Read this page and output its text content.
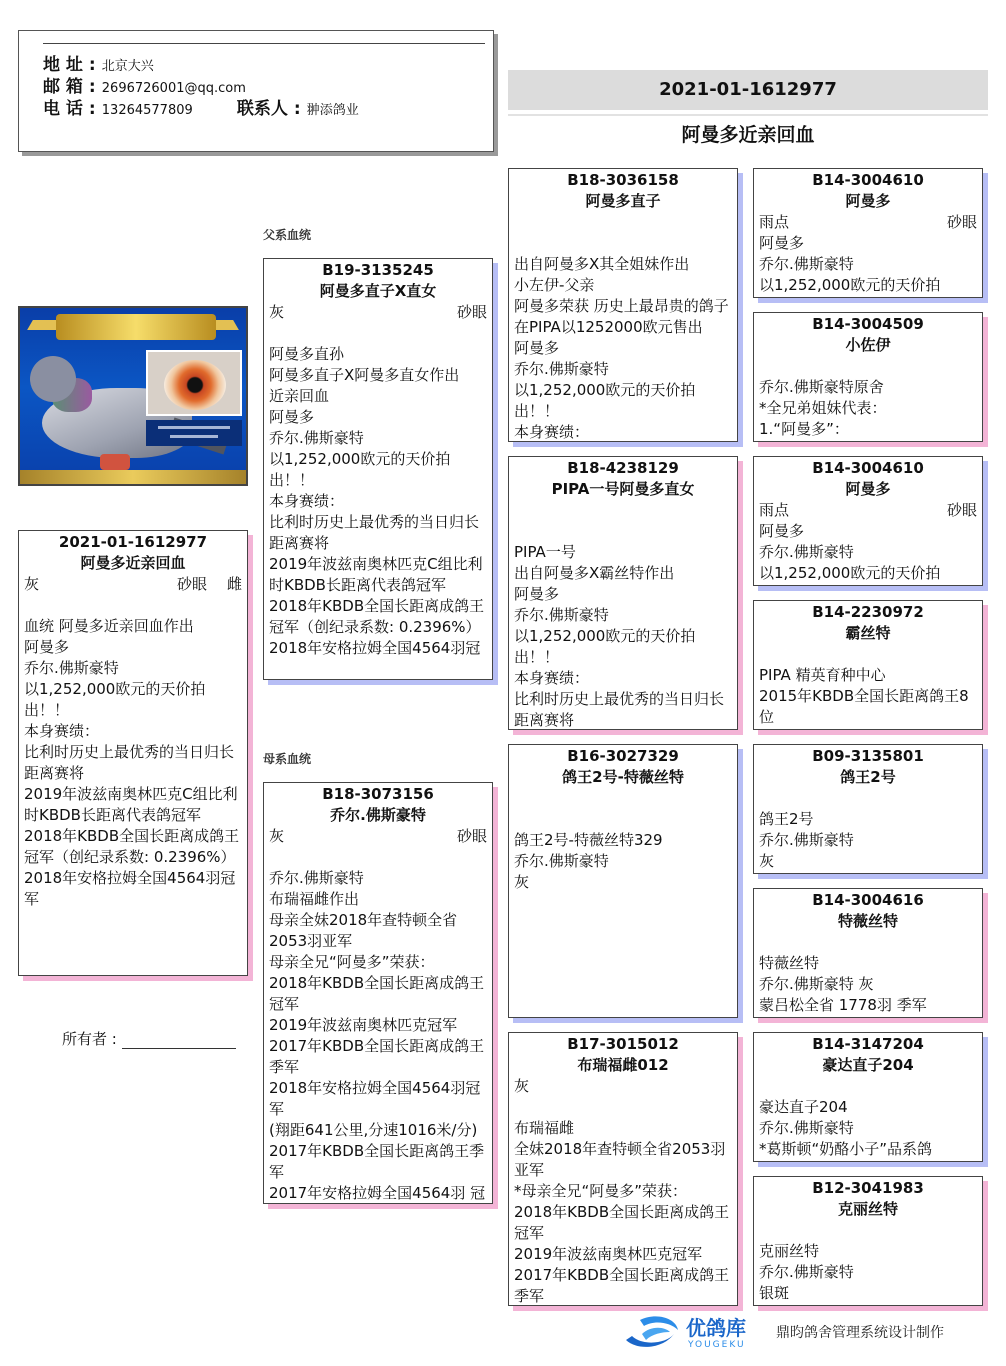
地 址 : 北京大兴
邮 箱 : 2696726001@qq.com
电 话 : 13264577809	联系人 : 翀添鸽业
2021-01-1612977
阿曼多近亲回血
父系血统
母系血统
2021-01-1612977
阿曼多近亲回血
灰	砂眼 雌
血统 阿曼多近亲回血作出
阿曼多
乔尔.佛斯豪特
以1,252,000欧元的天价拍出！！
本身赛绩：
比利时历史上最优秀的当日归长距离赛将
2019年波兹南奥林匹克C组比利时KBDB长距离代表鸽冠军
2018年KBDB全国长距离成鸽王冠军（创纪录系数: 0.2396%）
2018年安格拉姆全国4564羽冠军
所有者 :
B19-3135245
阿曼多直子X直女
灰	砂眼
阿曼多直孙
阿曼多直子X阿曼多直女作出
近亲回血
阿曼多
乔尔.佛斯豪特
以1,252,000欧元的天价拍出！！
本身赛绩：
比利时历史上最优秀的当日归长距离赛将
2019年波兹南奥林匹克C组比利时KBDB长距离代表鸽冠军
2018年KBDB全国长距离成鸽王冠军（创纪录系数: 0.2396%）
2018年安格拉姆全国4564羽冠
B18-3073156
乔尔.佛斯豪特
灰	砂眼
乔尔.佛斯豪特
布瑞福雌作出
母亲全妹2018年查特顿全省2053羽亚军
母亲全兄“阿曼多”荣获：
2018年KBDB全国长距离成鸽王冠军
2019年波兹南奥林匹克冠军
2017年KBDB全国长距离成鸽王季军
2018年安格拉姆全国4564羽冠军
(翔距641公里,分速1016米/分)
2017年KBDB全国长距离鸽王季军
2017年安格拉姆全国4564羽 冠
B18-3036158
阿曼多直子
出自阿曼多X其全姐妹作出
小左伊-父亲
阿曼多荣获 历史上最昂贵的鸽子 在PIPA以1252000欧元售出
阿曼多
乔尔.佛斯豪特
以1,252,000欧元的天价拍出！！
本身赛绩：
B18-4238129
PIPA一号阿曼多直女
PIPA一号
出自阿曼多X霸丝特作出
阿曼多
乔尔.佛斯豪特
以1,252,000欧元的天价拍出！！
本身赛绩：
比利时历史上最优秀的当日归长距离赛将
B16-3027329
鸽王2号-特薇丝特
鸽王2号-特薇丝特329
乔尔.佛斯豪特
灰
B17-3015012
布瑞福雌012
灰
布瑞福雌
全妹2018年查特顿全省2053羽亚军
*母亲全兄“阿曼多”荣获：
2018年KBDB全国长距离成鸽王冠军
2019年波兹南奥林匹克冠军
2017年KBDB全国长距离成鸽王季军
B14-3004610
阿曼多
雨点	砂眼
阿曼多
乔尔.佛斯豪特
以1,252,000欧元的天价拍
B14-3004509
小佐伊
乔尔.佛斯豪特原舍
*全兄弟姐妹代表：
1.“阿曼多”：
B14-3004610
阿曼多
雨点	砂眼
阿曼多
乔尔.佛斯豪特
以1,252,000欧元的天价拍
B14-2230972
霸丝特
PIPA 精英育种中心
2015年KBDB全国长距离鸽王8位
B09-3135801
鸽王2号
鸽王2号
乔尔.佛斯豪特
灰
B14-3004616
特薇丝特
特薇丝特
乔尔.佛斯豪特 灰
蒙吕松全省 1778羽 季军
B14-3147204
豪达直子204
豪达直子204
乔尔.佛斯豪特
*葛斯顿“奶酪小子”品系鸽
B12-3041983
克丽丝特
克丽丝特
乔尔.佛斯豪特
银斑
优鸽库
YOUGEKU
鼎昀鸽舍管理系统设计制作
